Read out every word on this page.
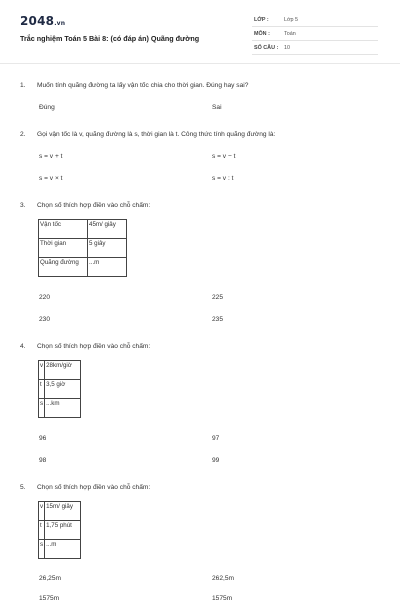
2048.vn
Trắc nghiệm Toán 5 Bài 8: (có đáp án) Quãng đường
LỚP :	Lớp 5
MÔN :	Toán
SỐ CÂU : 10
1. Muốn tính quãng đường ta lấy vận tốc chia cho thời gian. Đúng hay sai?
Đúng	Sai
2. Gọi vận tốc là v, quãng đường là s, thời gian là t. Công thức tính quãng đường là:
s = v + t	s = v − t
s = v × t	s = v : t
3. Chọn số thích hợp điền vào chỗ chấm:
Vận tốc	45m/ giây
Thời gian	5 giây
Quãng đường	...m
220	225
230	235
4. Chọn số thích hợp điền vào chỗ chấm:
v	28km/giờ
t	3,5 giờ
s	...km
96	97
98	99
5. Chọn số thích hợp điền vào chỗ chấm:
v	15m/ giây
t	1,75 phút
s	...m
26,25m	262,5m
1575m	1575m
